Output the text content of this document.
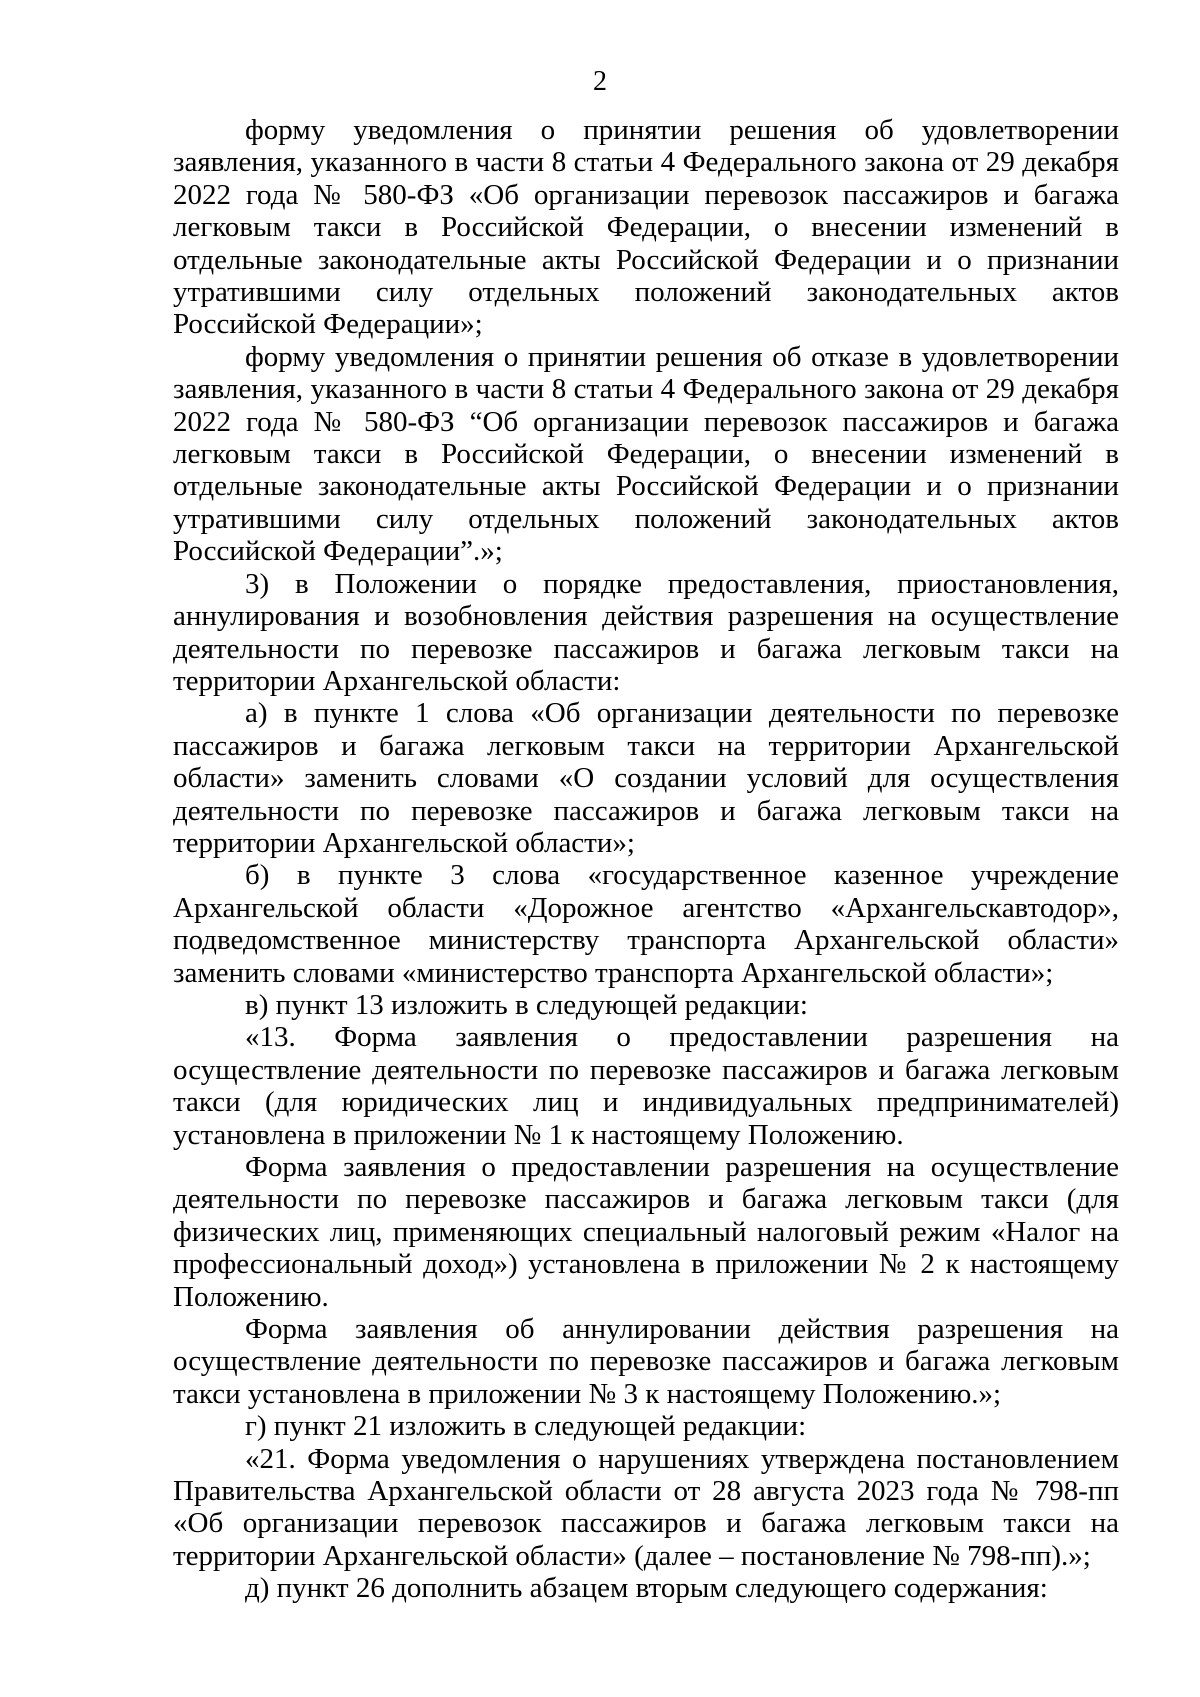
2

форму уведомления о принятии решения об удовлетворении заявления, указанного в части 8 статьи 4 Федерального закона от 29 декабря 2022 года № 580-ФЗ «Об организации перевозок пассажиров и багажа легковым такси в Российской Федерации, о внесении изменений в отдельные законодательные акты Российской Федерации и о признании утратившими силу отдельных положений законодательных актов Российской Федерации»;

форму уведомления о принятии решения об отказе в удовлетворении заявления, указанного в части 8 статьи 4 Федерального закона от 29 декабря 2022 года № 580-ФЗ “Об организации перевозок пассажиров и багажа легковым такси в Российской Федерации, о внесении изменений в отдельные законодательные акты Российской Федерации и о признании утратившими силу отдельных положений законодательных актов Российской Федерации”.»;

3) в Положении о порядке предоставления, приостановления, аннулирования и возобновления действия разрешения на осуществление деятельности по перевозке пассажиров и багажа легковым такси на территории Архангельской области:

а) в пункте 1 слова «Об организации деятельности по перевозке пассажиров и багажа легковым такси на территории Архангельской области» заменить словами «О создании условий для осуществления деятельности по перевозке пассажиров и багажа легковым такси на территории Архангельской области»;

б) в пункте 3 слова «государственное казенное учреждение Архангельской области «Дорожное агентство «Архангельскавтодор», подведомственное министерству транспорта Архангельской области» заменить словами «министерство транспорта Архангельской области»;

в) пункт 13 изложить в следующей редакции:

«13. Форма заявления о предоставлении разрешения на осуществление деятельности по перевозке пассажиров и багажа легковым такси (для юридических лиц и индивидуальных предпринимателей) установлена в приложении № 1 к настоящему Положению.

Форма заявления о предоставлении разрешения на осуществление деятельности по перевозке пассажиров и багажа легковым такси (для физических лиц, применяющих специальный налоговый режим «Налог на профессиональный доход») установлена в приложении № 2 к настоящему Положению.

Форма заявления об аннулировании действия разрешения на осуществление деятельности по перевозке пассажиров и багажа легковым такси установлена в приложении № 3 к настоящему Положению.»;

г) пункт 21 изложить в следующей редакции:

«21. Форма уведомления о нарушениях утверждена постановлением Правительства Архангельской области от 28 августа 2023 года № 798-пп «Об организации перевозок пассажиров и багажа легковым такси на территории Архангельской области» (далее – постановление № 798-пп).»;

д) пункт 26 дополнить абзацем вторым следующего содержания:
